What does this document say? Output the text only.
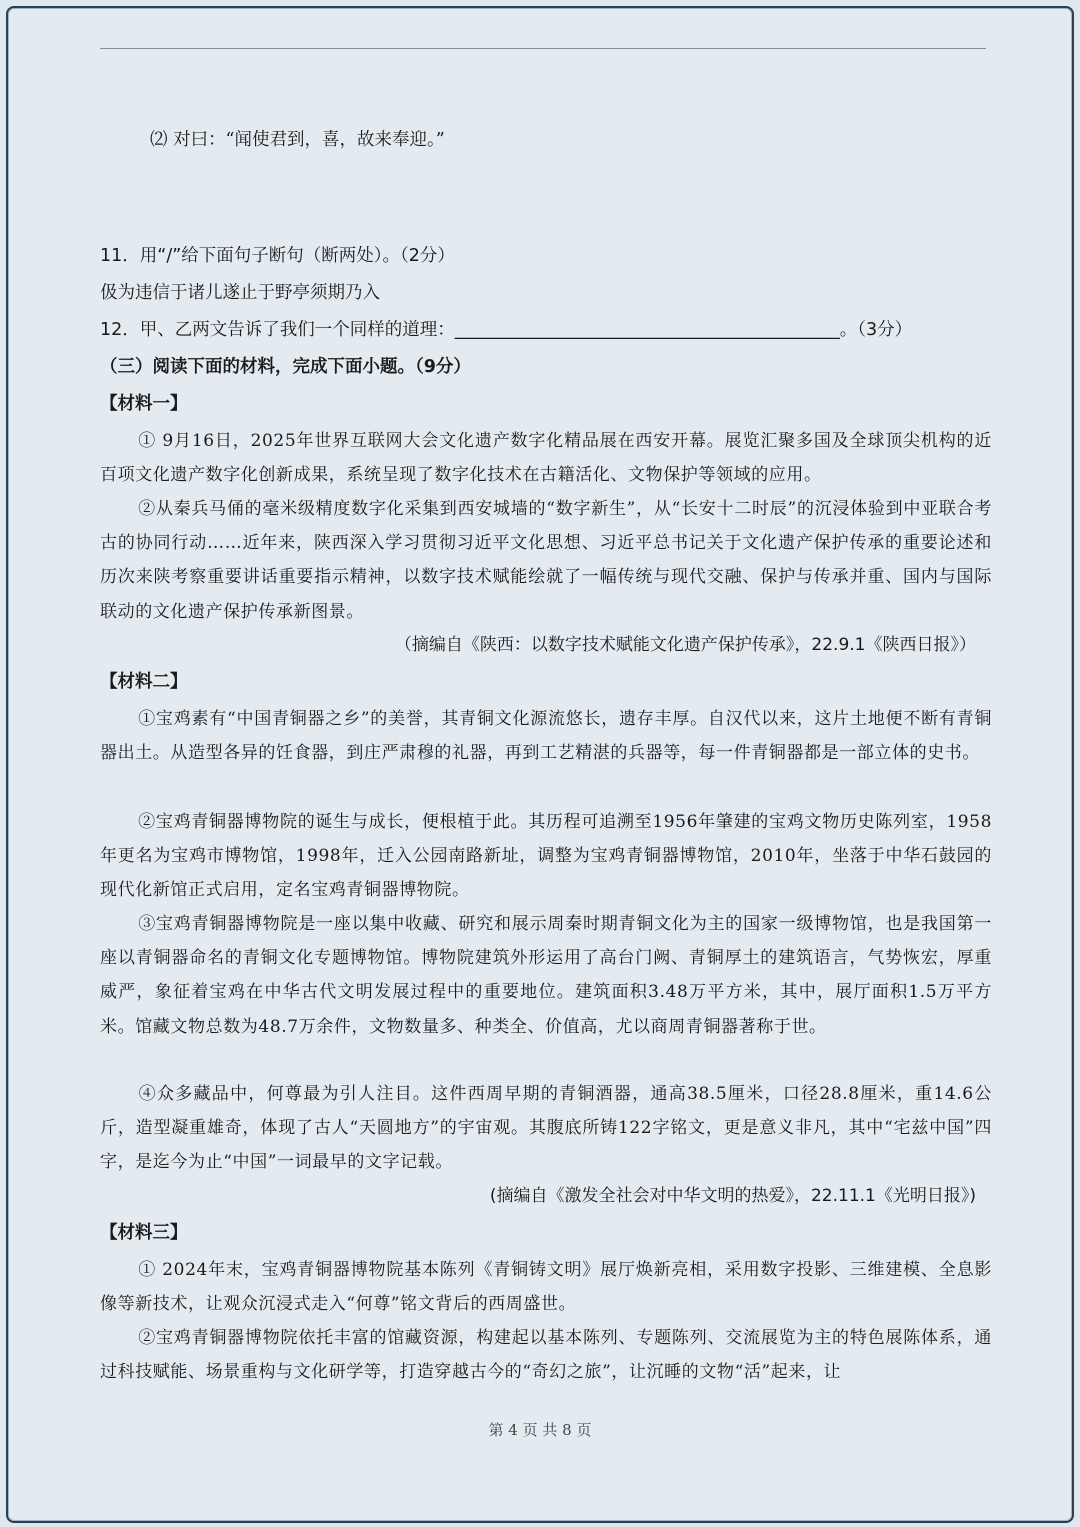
⑵ 对曰：“闻使君到，喜，故来奉迎。”
11．用“/”给下面句子断句（断两处）。（2分）
伋为违信于诸儿遂止于野亭须期乃入
12．甲、乙两文告诉了我们一个同样的道理：____________________________________________。（3分）
（三）阅读下面的材料，完成下面小题。（9分）
【材料一】
① 9月16日，2025年世界互联网大会文化遗产数字化精品展在西安开幕。展览汇聚多国及全球顶尖机构的近百项文化遗产数字化创新成果，系统呈现了数字化技术在古籍活化、文物保护等领域的应用。
②从秦兵马俑的毫米级精度数字化采集到西安城墙的“数字新生”，从“长安十二时辰”的沉浸体验到中亚联合考古的协同行动……近年来，陕西深入学习贯彻习近平文化思想、习近平总书记关于文化遗产保护传承的重要论述和历次来陕考察重要讲话重要指示精神，以数字技术赋能绘就了一幅传统与现代交融、保护与传承并重、国内与国际联动的文化遗产保护传承新图景。
（摘编自《陕西：以数字技术赋能文化遗产保护传承》，22.9.1《陕西日报》）
【材料二】
①宝鸡素有“中国青铜器之乡”的美誉，其青铜文化源流悠长，遗存丰厚。自汉代以来，这片土地便不断有青铜器出土。从造型各异的饪食器，到庄严肃穆的礼器，再到工艺精湛的兵器等，每一件青铜器都是一部立体的史书。
②宝鸡青铜器博物院的诞生与成长，便根植于此。其历程可追溯至1956年肇建的宝鸡文物历史陈列室，1958年更名为宝鸡市博物馆，1998年，迁入公园南路新址，调整为宝鸡青铜器博物馆，2010年，坐落于中华石鼓园的现代化新馆正式启用，定名宝鸡青铜器博物院。
③宝鸡青铜器博物院是一座以集中收藏、研究和展示周秦时期青铜文化为主的国家一级博物馆，也是我国第一座以青铜器命名的青铜文化专题博物馆。博物院建筑外形运用了高台门阙、青铜厚土的建筑语言，气势恢宏，厚重威严，象征着宝鸡在中华古代文明发展过程中的重要地位。建筑面积3.48万平方米，其中，展厅面积1.5万平方米。馆藏文物总数为48.7万余件，文物数量多、种类全、价值高，尤以商周青铜器著称于世。
④众多藏品中，何尊最为引人注目。这件西周早期的青铜酒器，通高38.5厘米，口径28.8厘米，重14.6公斤，造型凝重雄奇，体现了古人“天圆地方”的宇宙观。其腹底所铸122字铭文，更是意义非凡，其中“宅兹中国”四字，是迄今为止“中国”一词最早的文字记载。
(摘编自《激发全社会对中华文明的热爱》，22.11.1《光明日报》)
【材料三】
① 2024年末，宝鸡青铜器博物院基本陈列《青铜铸文明》展厅焕新亮相，采用数字投影、三维建模、全息影像等新技术，让观众沉浸式走入“何尊”铭文背后的西周盛世。
②宝鸡青铜器博物院依托丰富的馆藏资源，构建起以基本陈列、专题陈列、交流展览为主的特色展陈体系，通过科技赋能、场景重构与文化研学等，打造穿越古今的“奇幻之旅”，让沉睡的文物“活”起来，让
第 4 页 共 8 页
